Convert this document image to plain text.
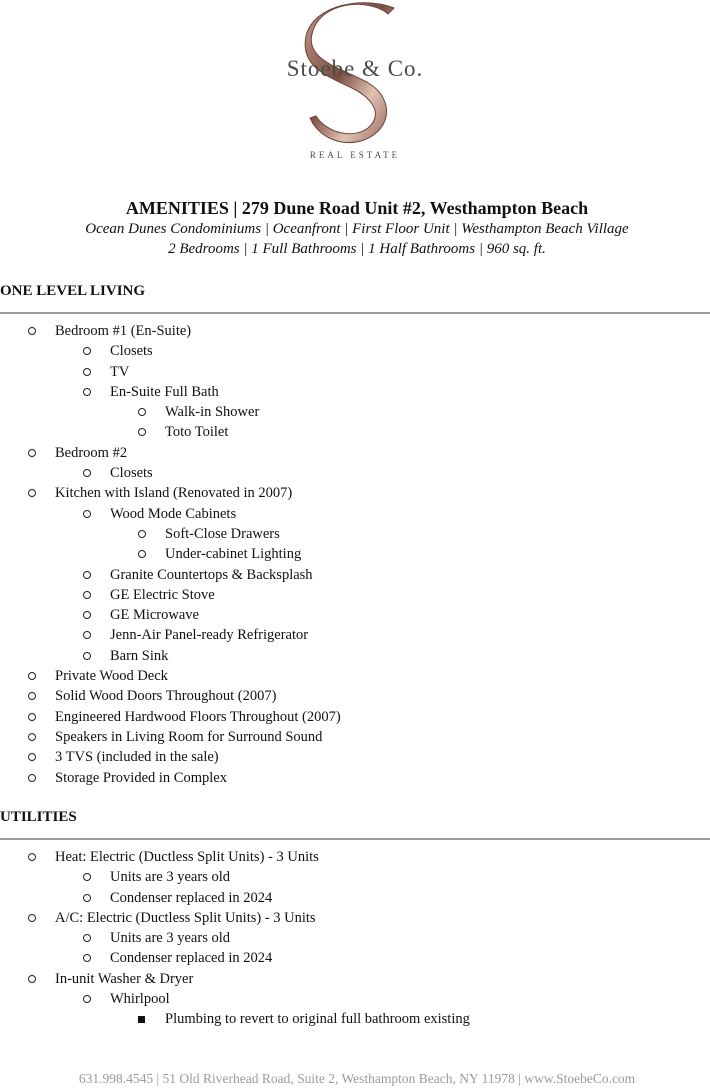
Stoebe & Co.
REAL ESTATE
AMENITIES | 279 Dune Road Unit #2, Westhampton Beach
Ocean Dunes Condominiums | Oceanfront | First Floor Unit | Westhampton Beach Village
2 Bedrooms | 1 Full Bathrooms | 1 Half Bathrooms | 960 sq. ft.
ONE LEVEL LIVING
Bedroom #1 (En-Suite)
Closets
TV
En-Suite Full Bath
Walk-in Shower
Toto Toilet
Bedroom #2
Closets
Kitchen with Island (Renovated in 2007)
Wood Mode Cabinets
Soft-Close Drawers
Under-cabinet Lighting
Granite Countertops & Backsplash
GE Electric Stove
GE Microwave
Jenn-Air Panel-ready Refrigerator
Barn Sink
Private Wood Deck
Solid Wood Doors Throughout (2007)
Engineered Hardwood Floors Throughout (2007)
Speakers in Living Room for Surround Sound
3 TVS (included in the sale)
Storage Provided in Complex
UTILITIES
Heat: Electric (Ductless Split Units) - 3 Units
Units are 3 years old
Condenser replaced in 2024
A/C: Electric (Ductless Split Units) - 3 Units
Units are 3 years old
Condenser replaced in 2024
In-unit Washer & Dryer
Whirlpool
Plumbing to revert to original full bathroom existing
631.998.4545 | 51 Old Riverhead Road, Suite 2, Westhampton Beach, NY 11978 | www.StoebeCo.com
